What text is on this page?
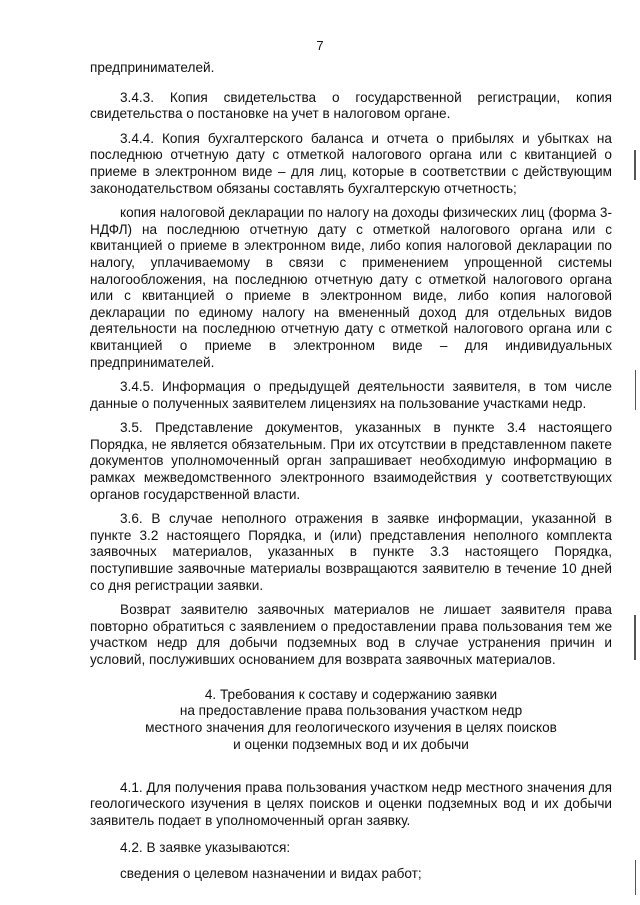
7

предпринимателей.

3.4.3. Копия свидетельства о государственной регистрации, копия свидетельства о постановке на учет в налоговом органе.

3.4.4. Копия бухгалтерского баланса и отчета о прибылях и убытках на последнюю отчетную дату с отметкой налогового органа или с квитанцией о приеме в электронном виде – для лиц, которые в соответствии с действующим законодательством обязаны составлять бухгалтерскую отчетность;

копия налоговой декларации по налогу на доходы физических лиц (форма 3-НДФЛ) на последнюю отчетную дату с отметкой налогового органа или с квитанцией о приеме в электронном виде, либо копия налоговой декларации по налогу, уплачиваемому в связи с применением упрощенной системы налогообложения, на последнюю отчетную дату с отметкой налогового органа или с квитанцией о приеме в электронном виде, либо копия налоговой декларации по единому налогу на вмененный доход для отдельных видов деятельности на последнюю отчетную дату с отметкой налогового органа или с квитанцией о приеме в электронном виде – для индивидуальных предпринимателей.

3.4.5. Информация о предыдущей деятельности заявителя, в том числе данные о полученных заявителем лицензиях на пользование участками недр.

3.5. Представление документов, указанных в пункте 3.4 настоящего Порядка, не является обязательным. При их отсутствии в представленном пакете документов уполномоченный орган запрашивает необходимую информацию в рамках межведомственного электронного взаимодействия у соответствующих органов государственной власти.

3.6. В случае неполного отражения в заявке информации, указанной в пункте 3.2 настоящего Порядка, и (или) представления неполного комплекта заявочных материалов, указанных в пункте 3.3 настоящего Порядка, поступившие заявочные материалы возвращаются заявителю в течение 10 дней со дня регистрации заявки.

Возврат заявителю заявочных материалов не лишает заявителя права повторно обратиться с заявлением о предоставлении права пользования тем же участком недр для добычи подземных вод в случае устранения причин и условий, послуживших основанием для возврата заявочных материалов.

4. Требования к составу и содержанию заявки
на предоставление права пользования участком недр
местного значения для геологического изучения в целях поисков
и оценки подземных вод и их добычи

4.1. Для получения права пользования участком недр местного значения для геологического изучения в целях поисков и оценки подземных вод и их добычи заявитель подает в уполномоченный орган заявку.

4.2. В заявке указываются:

сведения о целевом назначении и видах работ;
